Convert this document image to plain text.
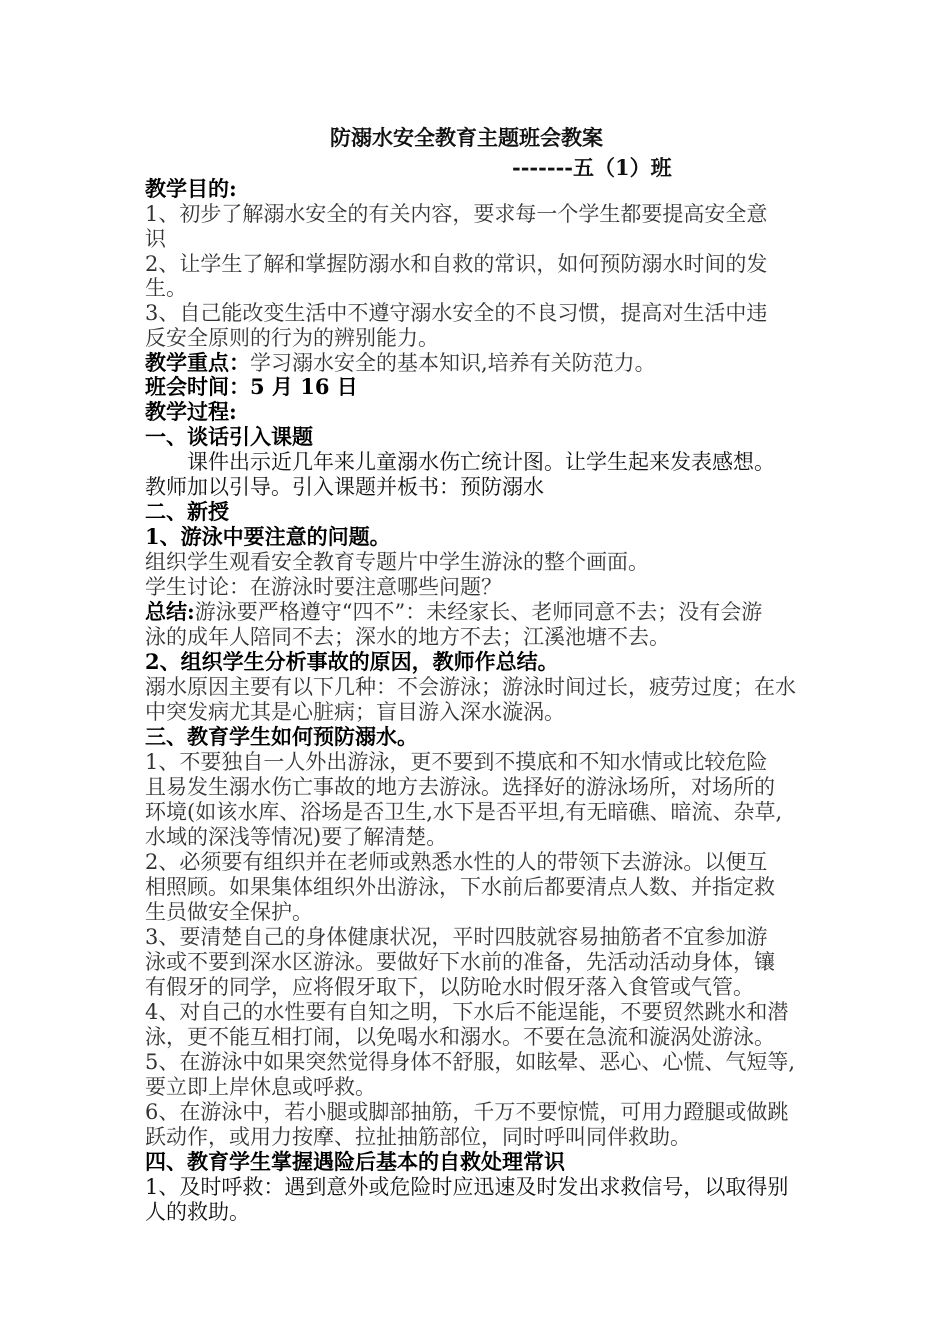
防溺水安全教育主题班会教案
-------五（1）班
教学目的:
1、初步了解溺水安全的有关内容，要求每一个学生都要提高安全意
识
2、让学生了解和掌握防溺水和自救的常识，如何预防溺水时间的发
生。
3、自己能改变生活中不遵守溺水安全的不良习惯，提高对生活中违
反安全原则的行为的辨别能力。
教学重点：学习溺水安全的基本知识,培养有关防范力。
班会时间：5 月 16 日
教学过程:
一、谈话引入课题
课件出示近几年来儿童溺水伤亡统计图。让学生起来发表感想。
教师加以引导。引入课题并板书：预防溺水
二、新授
1、游泳中要注意的问题。
组织学生观看安全教育专题片中学生游泳的整个画面。
学生讨论：在游泳时要注意哪些问题？
总结:游泳要严格遵守“四不”：未经家长、老师同意不去；没有会游
泳的成年人陪同不去；深水的地方不去；江溪池塘不去。
2、组织学生分析事故的原因，教师作总结。
溺水原因主要有以下几种：不会游泳；游泳时间过长，疲劳过度；在水
中突发病尤其是心脏病；盲目游入深水漩涡。
三、教育学生如何预防溺水。
1、不要独自一人外出游泳，更不要到不摸底和不知水情或比较危险
且易发生溺水伤亡事故的地方去游泳。选择好的游泳场所，对场所的
环境(如该水库、浴场是否卫生,水下是否平坦,有无暗礁、暗流、杂草,
水域的深浅等情况)要了解清楚。
2、必须要有组织并在老师或熟悉水性的人的带领下去游泳。以便互
相照顾。如果集体组织外出游泳，下水前后都要清点人数、并指定救
生员做安全保护。
3、要清楚自己的身体健康状况，平时四肢就容易抽筋者不宜参加游
泳或不要到深水区游泳。要做好下水前的准备，先活动活动身体，镶
有假牙的同学，应将假牙取下，以防呛水时假牙落入食管或气管。
4、对自己的水性要有自知之明，下水后不能逞能，不要贸然跳水和潜
泳，更不能互相打闹，以免喝水和溺水。不要在急流和漩涡处游泳。
5、在游泳中如果突然觉得身体不舒服，如眩晕、恶心、心慌、气短等,
要立即上岸休息或呼救。
6、在游泳中，若小腿或脚部抽筋，千万不要惊慌，可用力蹬腿或做跳
跃动作，或用力按摩、拉扯抽筋部位，同时呼叫同伴救助。
四、教育学生掌握遇险后基本的自救处理常识
1、及时呼救：遇到意外或危险时应迅速及时发出求救信号，以取得别
人的救助。
